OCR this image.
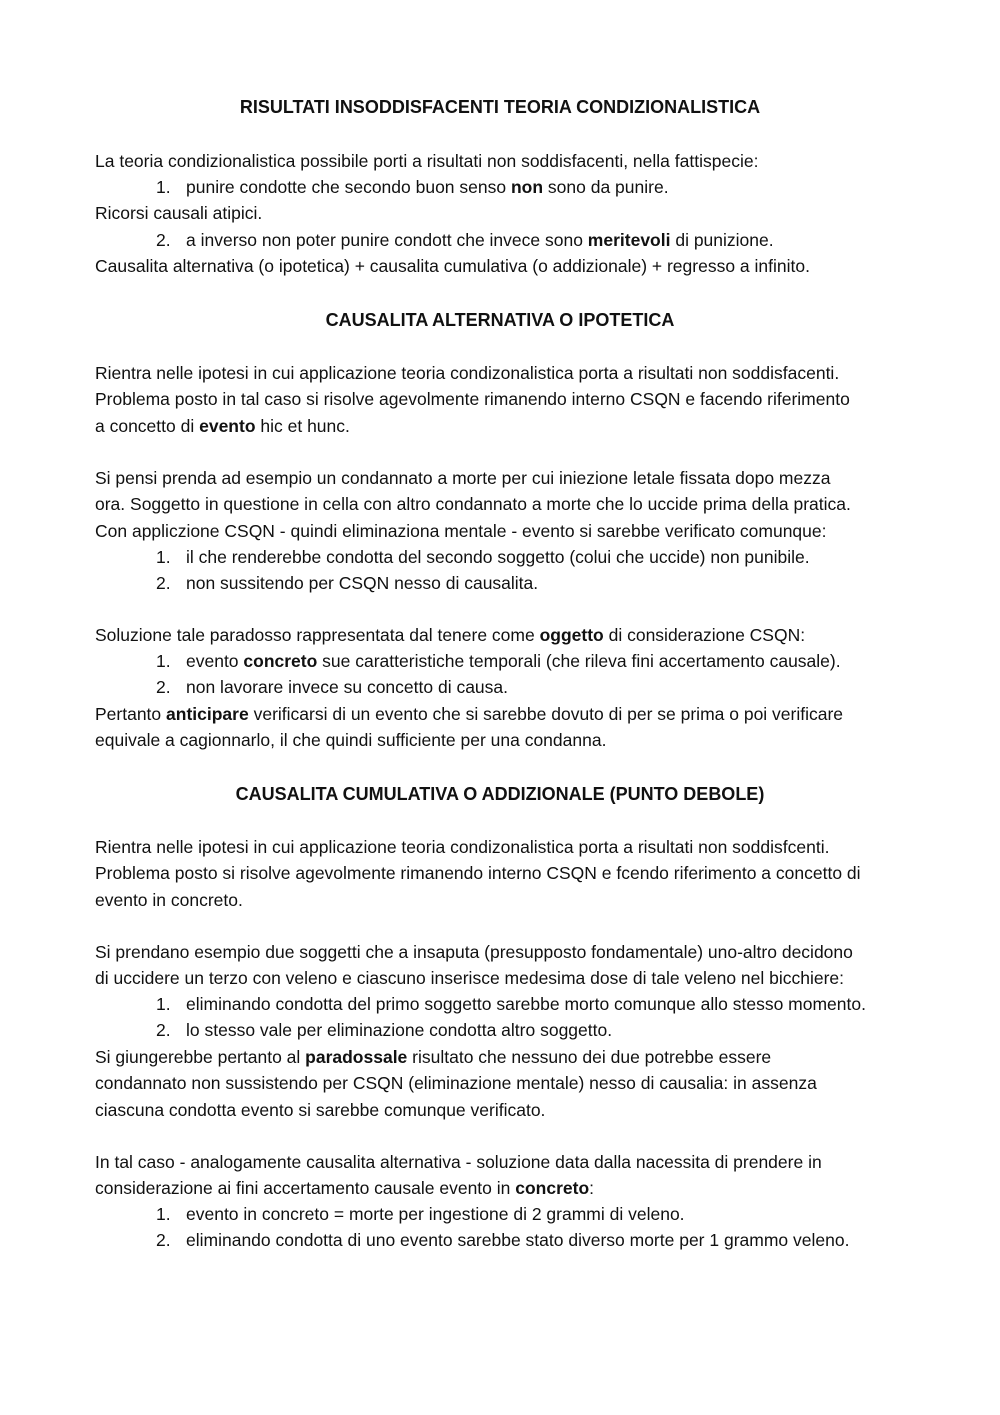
RISULTATI INSODDISFACENTI TEORIA CONDIZIONALISTICA

La teoria condizionalistica possibile porti a risultati non soddisfacenti, nella fattispecie:

1. punire condotte che secondo buon senso non sono da punire.

Ricorsi causali atipici.

2. a inverso non poter punire condott che invece sono meritevoli di punizione.

Causalita alternativa (o ipotetica) + causalita cumulativa (o addizionale) + regresso a infinito.

CAUSALITA ALTERNATIVA O IPOTETICA
Rientra nelle ipotesi in cui applicazione teoria condizonalistica porta a risultati non soddisfacenti.
Problema posto in tal caso si risolve agevolmente rimanendo interno CSQN e facendo riferimento
a concetto di evento hic et hunc.
Si pensi prenda ad esempio un condannato a morte per cui iniezione letale fissata dopo mezza
ora. Soggetto in questione in cella con altro condannato a morte che lo uccide prima della pratica.
Con appliczione CSQN - quindi eliminaziona mentale - evento si sarebbe verificato comunque:
1. il che renderebbe condotta del secondo soggetto (colui che uccide) non punibile.
2. non sussitendo per CSQN nesso di causalita.

Soluzione tale paradosso rappresentata dal tenere come oggetto di considerazione CSQN:

1. evento concreto sue caratteristiche temporali (che rileva fini accertamento causale).
2. non lavorare invece su concetto di causa.
Pertanto anticipare verificarsi di un evento che si sarebbe dovuto di per se prima o poi verificare
equivale a cagionnarlo, il che quindi sufficiente per una condanna.
CAUSALITA CUMULATIVA O ADDIZIONALE (PUNTO DEBOLE)
Rientra nelle ipotesi in cui applicazione teoria condizonalistica porta a risultati non soddisfcenti.
Problema posto si risolve agevolmente rimanendo interno CSQN e fcendo riferimento a concetto di
evento in concreto.
Si prendano esempio due soggetti che a insaputa (presupposto fondamentale) uno-altro decidono
di uccidere un terzo con veleno e ciascuno inserisce medesima dose di tale veleno nel bicchiere:
1. eliminando condotta del primo soggetto sarebbe morto comunque allo stesso momento.
2. lo stesso vale per eliminazione condotta altro soggetto.
Si giungerebbe pertanto al paradossale risultato che nessuno dei due potrebbe essere
condannato non sussistendo per CSQN (eliminazione mentale) nesso di causalia: in assenza
ciascuna condotta evento si sarebbe comunque verificato.
In tal caso - analogamente causalita alternativa - soluzione data dalla nacessita di prendere in
considerazione ai fini accertamento causale evento in concreto:
1. evento in concreto = morte per ingestione di 2 grammi di veleno.
2. eliminando condotta di uno evento sarebbe stato diverso morte per 1 grammo veleno.
